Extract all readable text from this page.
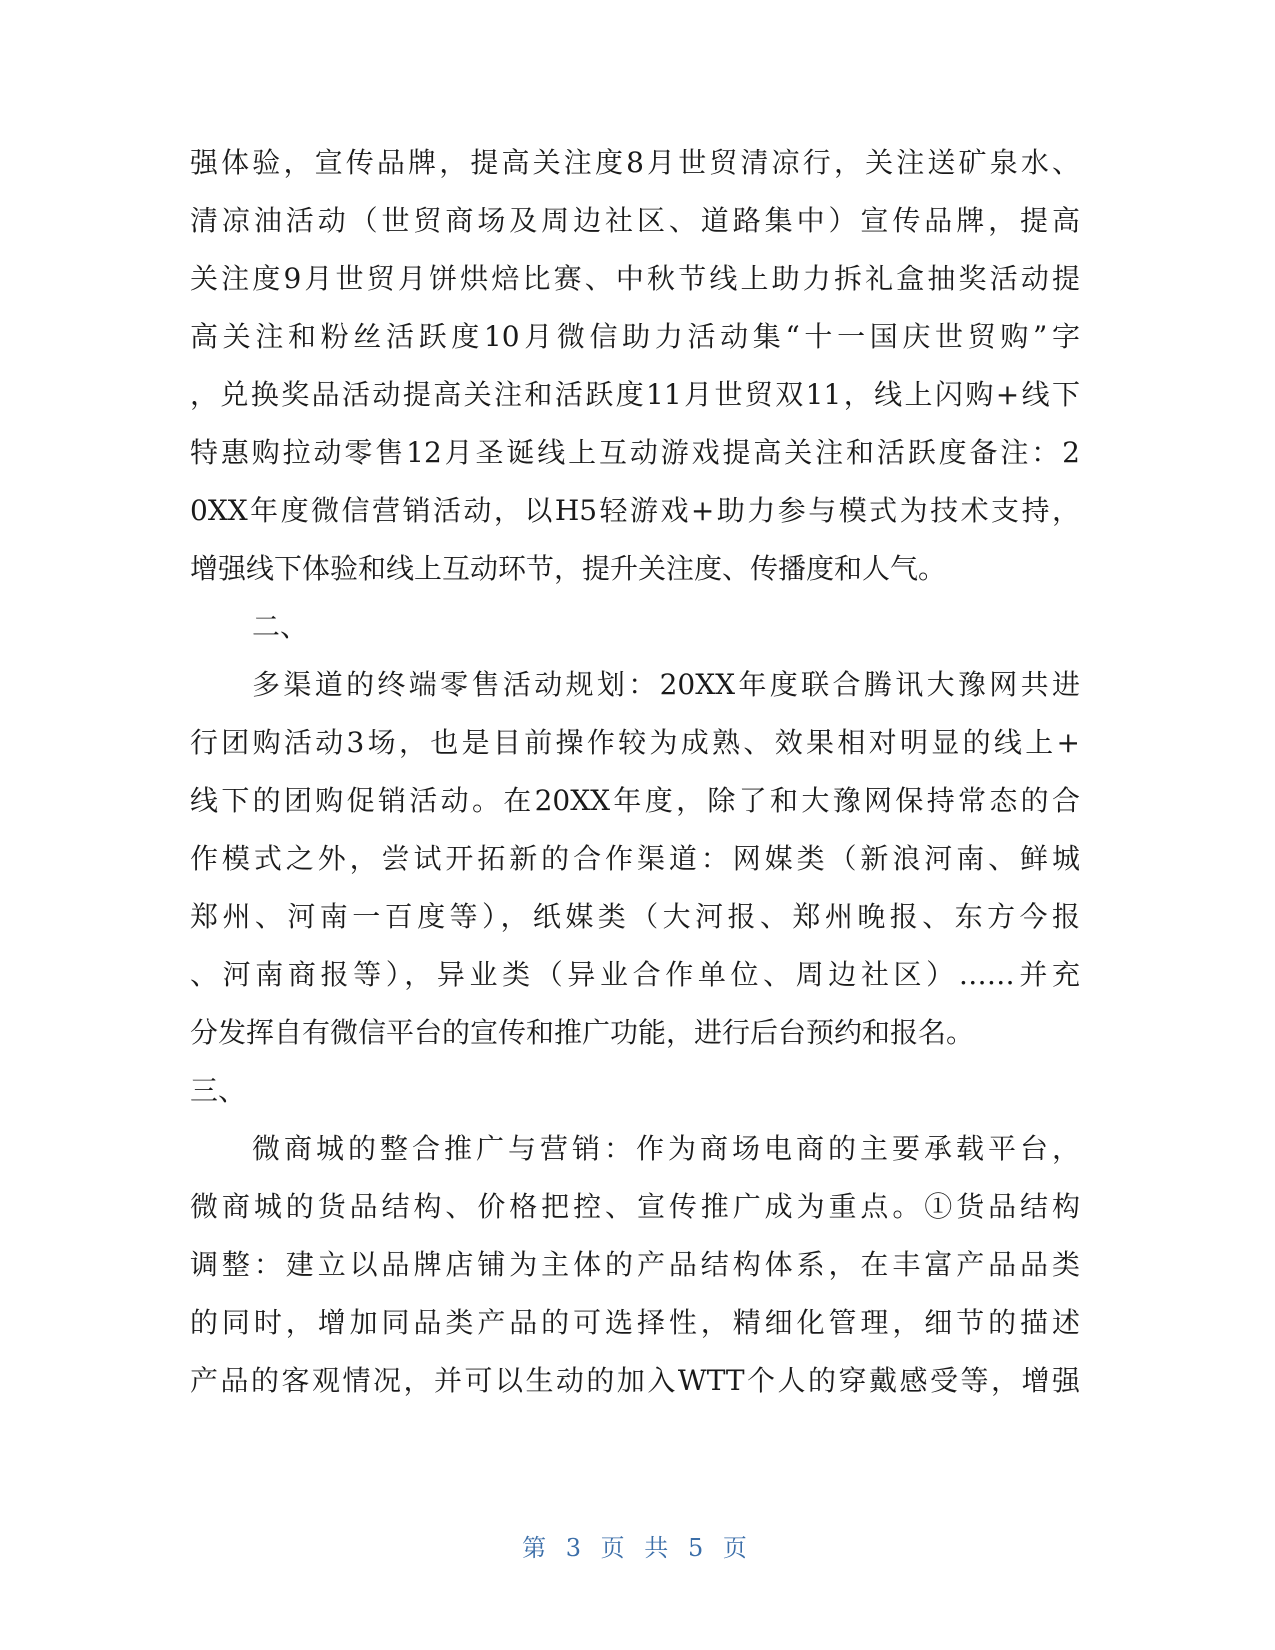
强体验，宣传品牌，提高关注度8月世贸清凉行，关注送矿泉水、
清凉油活动（世贸商场及周边社区、道路集中）宣传品牌，提高
关注度9月世贸月饼烘焙比赛、中秋节线上助力拆礼盒抽奖活动提
高关注和粉丝活跃度10月微信助力活动集“十一国庆世贸购”字
，兑换奖品活动提高关注和活跃度11月世贸双11，线上闪购+线下
特惠购拉动零售12月圣诞线上互动游戏提高关注和活跃度备注：2
0XX年度微信营销活动，以H5轻游戏+助力参与模式为技术支持，
增强线下体验和线上互动环节，提升关注度、传播度和人气。
二、
多渠道的终端零售活动规划：20XX年度联合腾讯大豫网共进
行团购活动3场，也是目前操作较为成熟、效果相对明显的线上+
线下的团购促销活动。在20XX年度，除了和大豫网保持常态的合
作模式之外，尝试开拓新的合作渠道：网媒类（新浪河南、鲜城
郑州、河南一百度等），纸媒类（大河报、郑州晚报、东方今报
、河南商报等），异业类（异业合作单位、周边社区）……并充
分发挥自有微信平台的宣传和推广功能，进行后台预约和报名。
三、
微商城的整合推广与营销：作为商场电商的主要承载平台，
微商城的货品结构、价格把控、宣传推广成为重点。①货品结构
调整：建立以品牌店铺为主体的产品结构体系，在丰富产品品类
的同时，增加同品类产品的可选择性，精细化管理，细节的描述
产品的客观情况，并可以生动的加入WTT个人的穿戴感受等，增强
第 3 页 共 5 页
